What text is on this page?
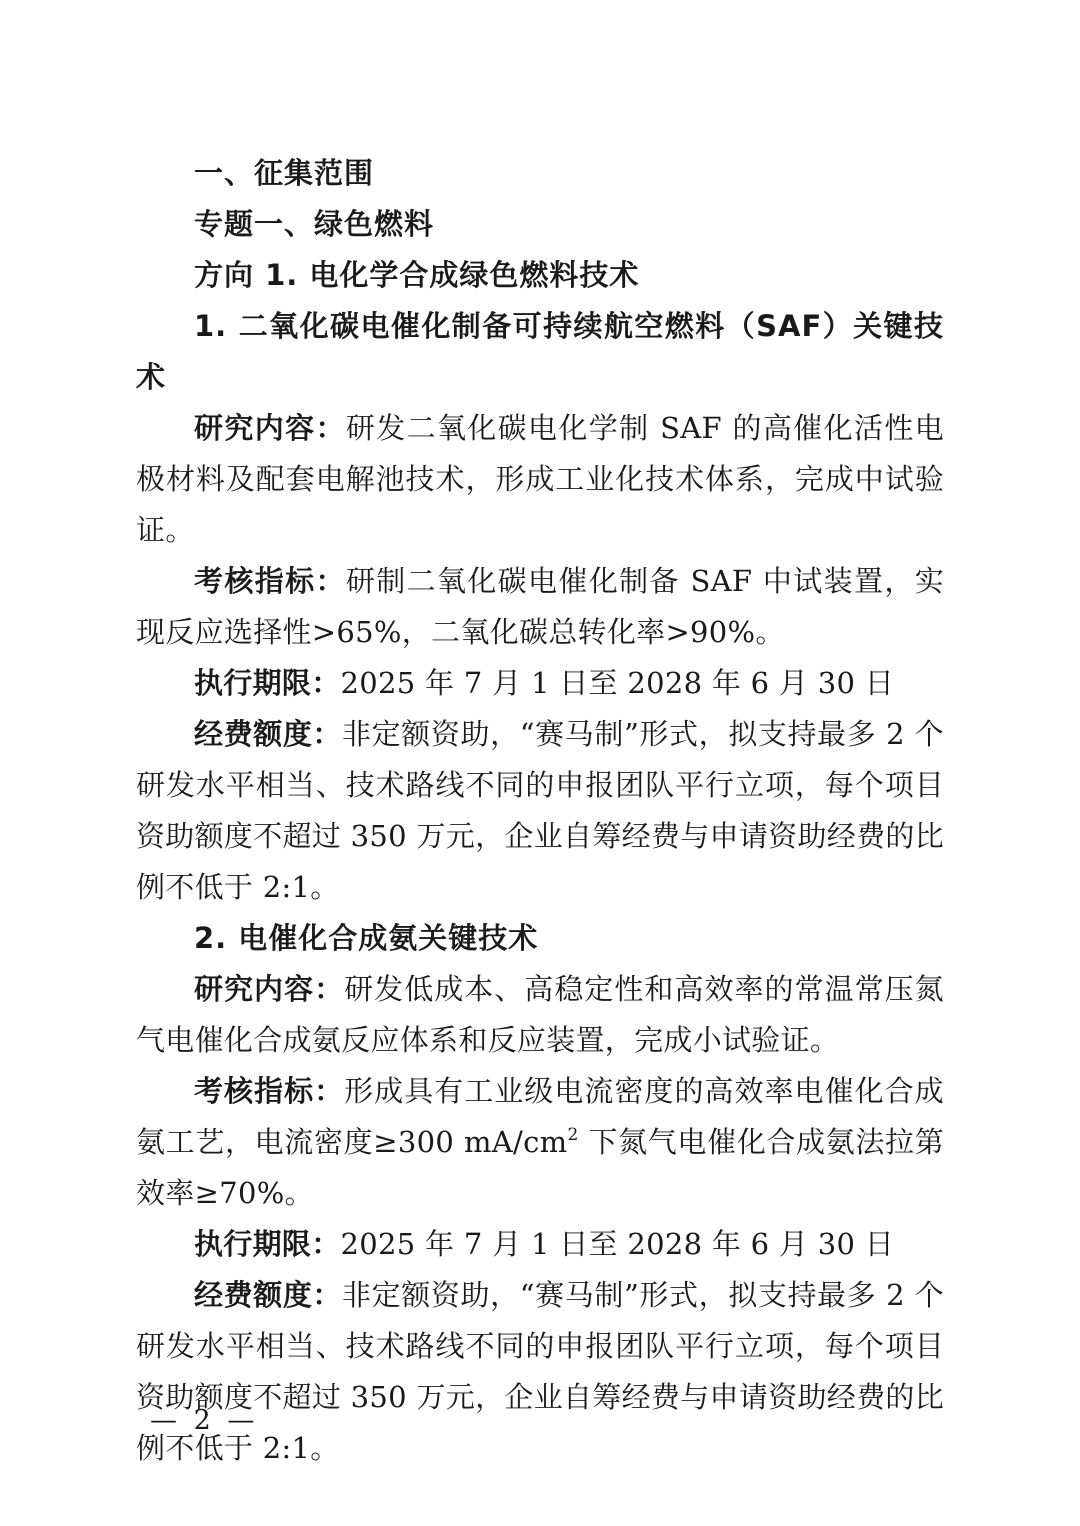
一、征集范围

专题一、绿色燃料

方向 1. 电化学合成绿色燃料技术

1. 二氧化碳电催化制备可持续航空燃料（SAF）关键技术

研究内容：研发二氧化碳电化学制 SAF 的高催化活性电极材料及配套电解池技术，形成工业化技术体系，完成中试验证。

考核指标：研制二氧化碳电催化制备 SAF 中试装置，实现反应选择性>65%，二氧化碳总转化率>90%。

执行期限：2025 年 7 月 1 日至 2028 年 6 月 30 日

经费额度：非定额资助，“赛马制”形式，拟支持最多 2 个研发水平相当、技术路线不同的申报团队平行立项，每个项目资助额度不超过 350 万元，企业自筹经费与申请资助经费的比例不低于 2:1。

2. 电催化合成氨关键技术

研究内容：研发低成本、高稳定性和高效率的常温常压氮气电催化合成氨反应体系和反应装置，完成小试验证。

考核指标：形成具有工业级电流密度的高效率电催化合成氨工艺，电流密度≥300 $mA/cm^2$ 下氮气电催化合成氨法拉第效率≥70%。

执行期限：2025 年 7 月 1 日至 2028 年 6 月 30 日

经费额度：非定额资助，“赛马制”形式，拟支持最多 2 个研发水平相当、技术路线不同的申报团队平行立项，每个项目资助额度不超过 350 万元，企业自筹经费与申请资助经费的比例不低于 2:1。

— 2 —
